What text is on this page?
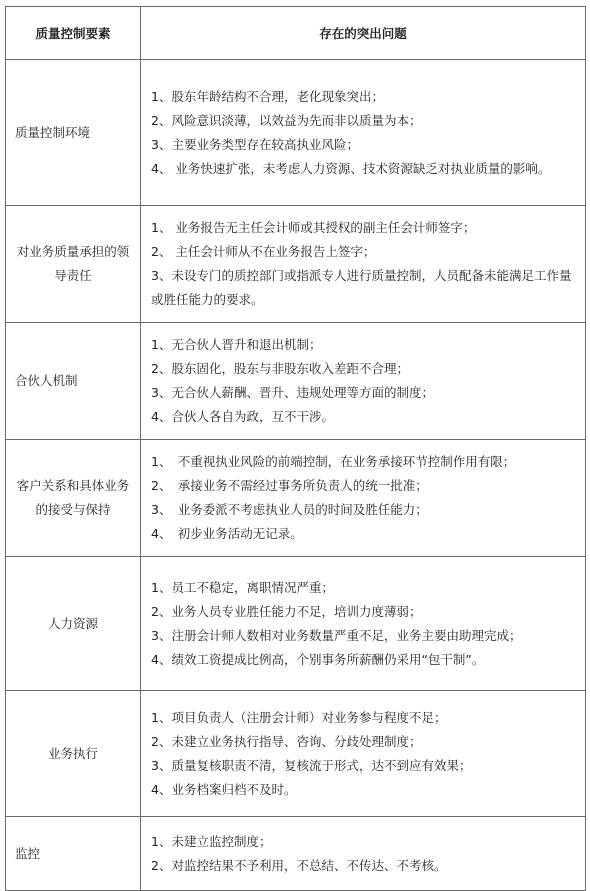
质量控制要素	存在的突出问题
质量控制环境	1、股东年龄结构不合理，老化现象突出；
2、风险意识淡薄，以效益为先而非以质量为本；
3、主要业务类型存在较高执业风险；
4、 业务快速扩张，未考虑人力资源、技术资源缺乏对执业质量的影响。

对业务质量承担的领导责任	1、 业务报告无主任会计师或其授权的副主任会计师签字；
2、 主任会计师从不在业务报告上签字；
3、未设专门的质控部门或指派专人进行质量控制，人员配备未能满足工作量或胜任能力的要求。

合伙人机制	1、无合伙人晋升和退出机制；
2、股东固化，股东与非股东收入差距不合理；
3、无合伙人薪酬、晋升、违规处理等方面的制度；
4、合伙人各自为政，互不干涉。

客户关系和具体业务的接受与保持	1、　不重视执业风险的前端控制，在业务承接环节控制作用有限；
2、　承接业务不需经过事务所负责人的统一批准；
3、　业务委派不考虑执业人员的时间及胜任能力；
4、　初步业务活动无记录。

人力资源	1、员工不稳定，离职情况严重；
2、业务人员专业胜任能力不足，培训力度薄弱；
3、注册会计师人数相对业务数量严重不足，业务主要由助理完成；
4、绩效工资提成比例高，个别事务所薪酬仍采用“包干制”。

业务执行	1、项目负责人（注册会计师）对业务参与程度不足；
2、未建立业务执行指导、咨询、分歧处理制度；
3、质量复核职责不清，复核流于形式，达不到应有效果；
4、业务档案归档不及时。

监控	1、未建立监控制度；
2、对监控结果不予利用，不总结、不传达、不考核。
